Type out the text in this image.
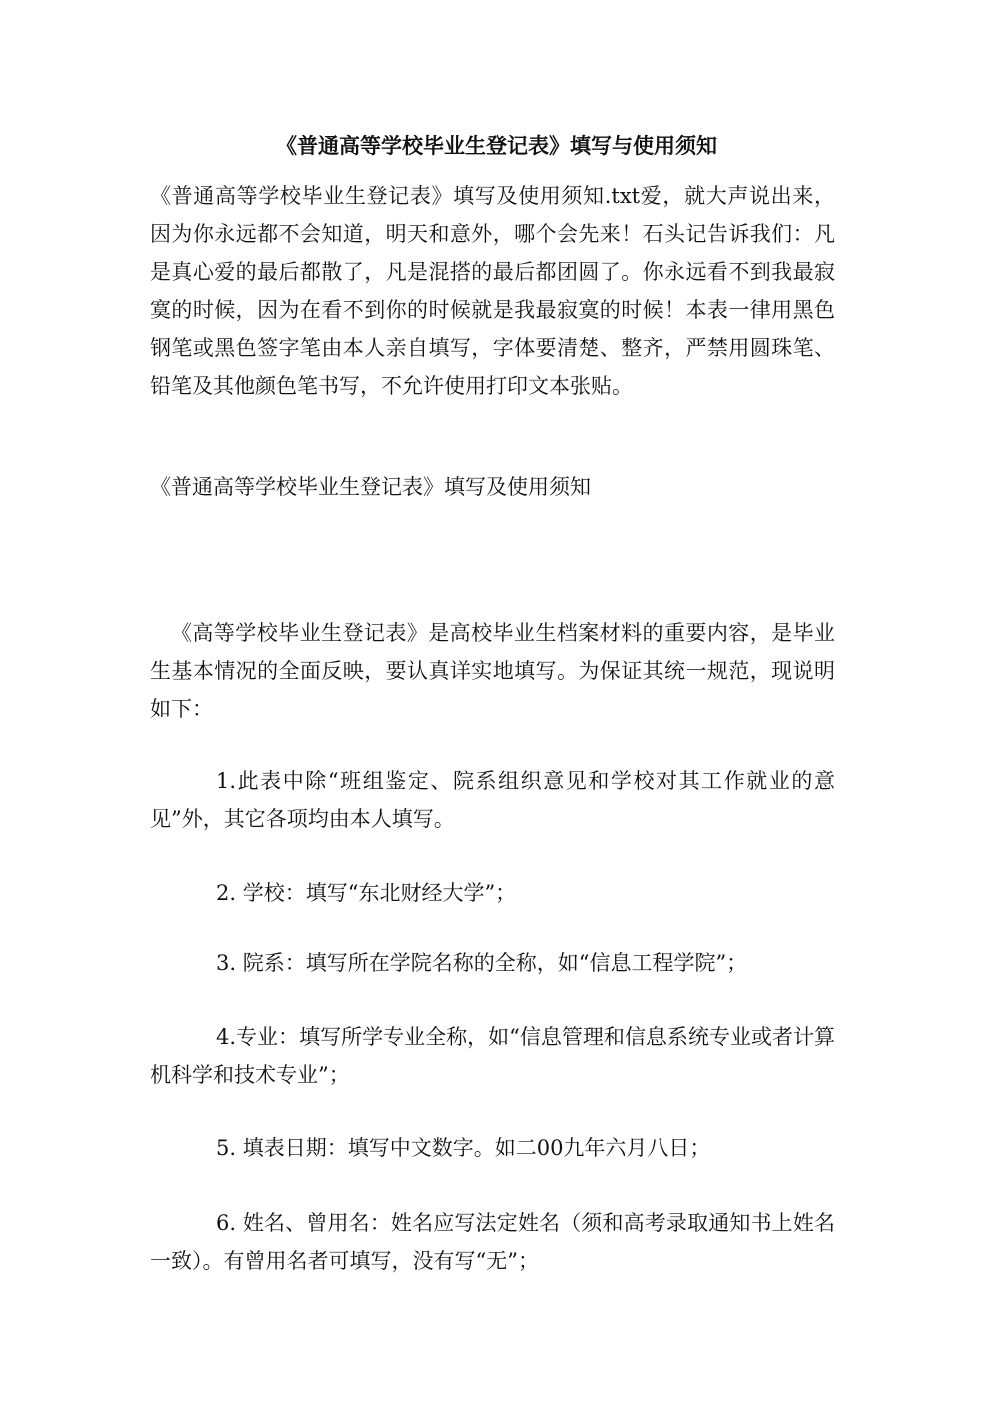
《普通高等学校毕业生登记表》填写与使用须知
《普通高等学校毕业生登记表》填写及使用须知.txt爱，就大声说出来，因为你永远都不会知道，明天和意外，哪个会先来！石头记告诉我们：凡是真心爱的最后都散了，凡是混搭的最后都团圆了。你永远看不到我最寂寞的时候，因为在看不到你的时候就是我最寂寞的时候！本表一律用黑色钢笔或黑色签字笔由本人亲自填写，字体要清楚、整齐，严禁用圆珠笔、铅笔及其他颜色笔书写，不允许使用打印文本张贴。
《普通高等学校毕业生登记表》填写及使用须知
《高等学校毕业生登记表》是高校毕业生档案材料的重要内容，是毕业生基本情况的全面反映，要认真详实地填写。为保证其统一规范，现说明如下：
1.此表中除“班组鉴定、院系组织意见和学校对其工作就业的意见”外，其它各项均由本人填写。
2. 学校：填写“东北财经大学”；
3. 院系：填写所在学院名称的全称，如“信息工程学院”；
4.专业：填写所学专业全称，如“信息管理和信息系统专业或者计算机科学和技术专业”；
5. 填表日期：填写中文数字。如二00九年六月八日；
6. 姓名、曾用名：姓名应写法定姓名（须和高考录取通知书上姓名一致）。有曾用名者可填写，没有写“无”；
